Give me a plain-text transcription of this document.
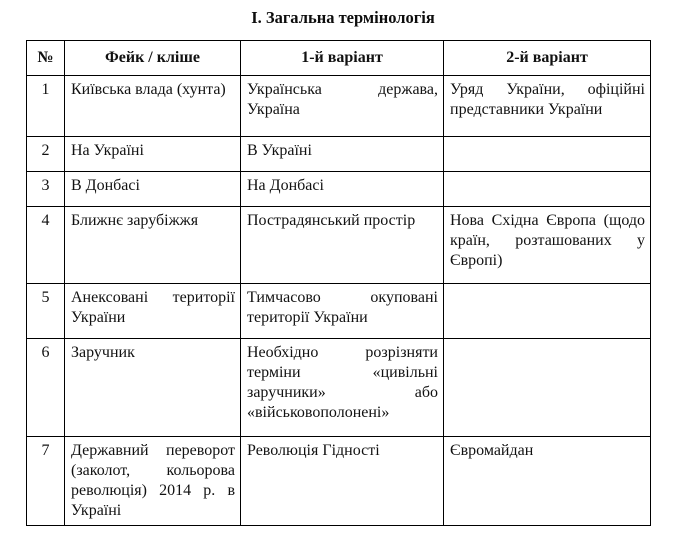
І. Загальна термінологія
№	Фейк / кліше	1-й варіант	2-й варіант
1	Київська влада (хунта)	Українська держава, Україна	Уряд України, офіційні представники України
2	На Україні	В Україні	
3	В Донбасі	На Донбасі	
4	Ближнє зарубіжжя	Пострадянський простір	Нова Східна Європа (щодо країн, розташованих у Європі)
5	Анексовані території України	Тимчасово окуповані території України	
6	Заручник	Необхідно розрізняти терміни «цивільні заручники» або «військовополонені»	
7	Державний переворот (заколот, кольорова революція) 2014 р. в Україні	Революція Гідності	Євромайдан
